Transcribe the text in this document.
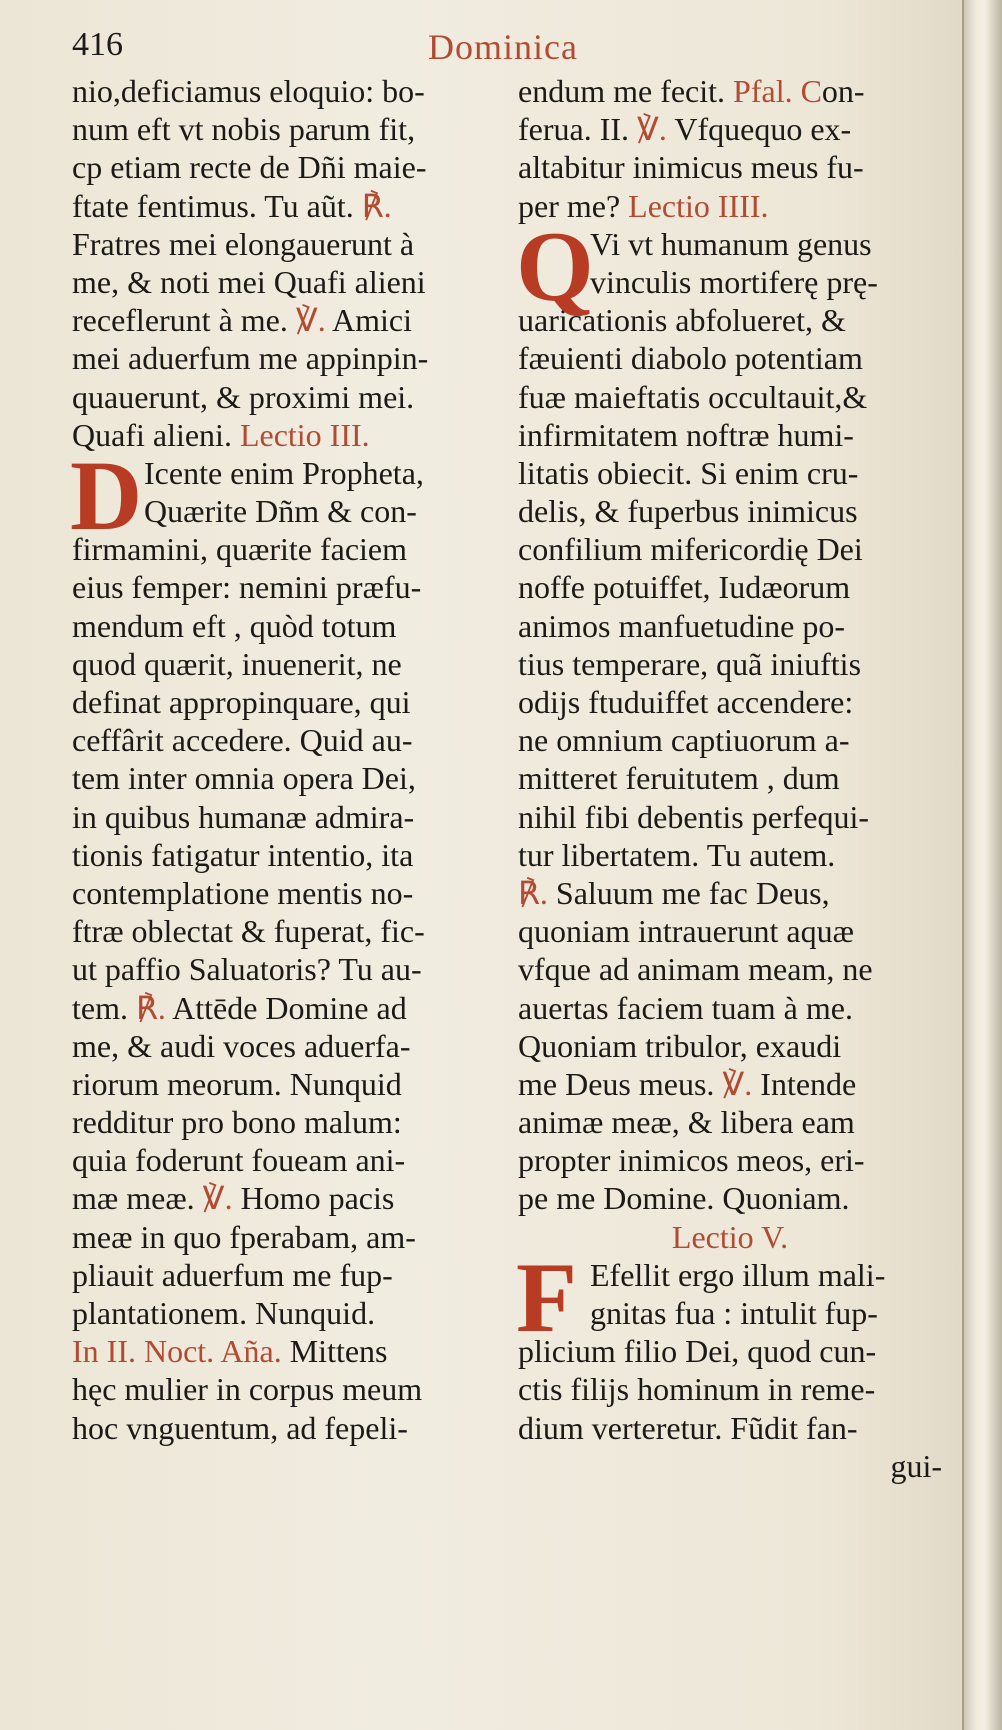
416	Dominica
nio,deficiamus eloquio: bo-
num eft vt nobis parum fit,
cp etiam recte de Dñi maie-
ftate fentimus. Tu aũt. ℟.
Fratres mei elongauerunt à
me, & noti mei Quafi alieni
receflerunt à me. ℣. Amici
mei aduerfum me appinpin-
quauerunt, & proximi mei.
Quafi alieni. Lectio III.
D Icente enim Propheta,
Quærite Dñm & con-
firmamini, quærite faciem
eius femper: nemini præfu-
mendum eft , quòd totum
quod quærit, inuenerit, ne
definat appropinquare, qui
ceffârit accedere. Quid au-
tem inter omnia opera Dei,
in quibus humanæ admira-
tionis fatigatur intentio, ita
contemplatione mentis no-
ftræ oblectat & fuperat, fic-
ut paffio Saluatoris? Tu au-
tem. ℟. Attēde Domine ad
me, & audi voces aduerfa-
riorum meorum. Nunquid
redditur pro bono malum:
quia foderunt foueam ani-
mæ meæ. ℣. Homo pacis
meæ in quo fperabam, am-
pliauit aduerfum me fup-
plantationem. Nunquid.
In II. Noct. Aña. Mittens
hęc mulier in corpus meum
hoc vnguentum, ad fepeli-
endum me fecit. Pfal. Con-
ferua. II. ℣. Vfquequo ex-
altabitur inimicus meus fu-
per me? Lectio IIII.
Q
Vi vt humanum genus
vinculis mortiferę prę-
uaricationis abfolueret, &
fæuienti diabolo potentiam
fuæ maieftatis occultauit,&
infirmitatem noftræ humi-
litatis obiecit. Si enim cru-
delis, & fuperbus inimicus
confilium mifericordię Dei
noffe potuiffet, Iudæorum
animos manfuetudine po-
tius temperare, quã iniuftis
odijs ftuduiffet accendere:
ne omnium captiuorum a-
mitteret feruitutem , dum
nihil fibi debentis perfequi-
tur libertatem. Tu autem.
℟. Saluum me fac Deus,
quoniam intrauerunt aquæ
vfque ad animam meam, ne
auertas faciem tuam à me.
Quoniam tribulor, exaudi
me Deus meus. ℣. Intende
animæ meæ, & libera eam
propter inimicos meos, eri-
pe me Domine. Quoniam.
Lectio V.
F Efellit ergo illum mali-
gnitas fua : intulit fup-
plicium filio Dei, quod cun-
ctis filijs hominum in reme-
dium verteretur. Fũdit fan-
gui-
